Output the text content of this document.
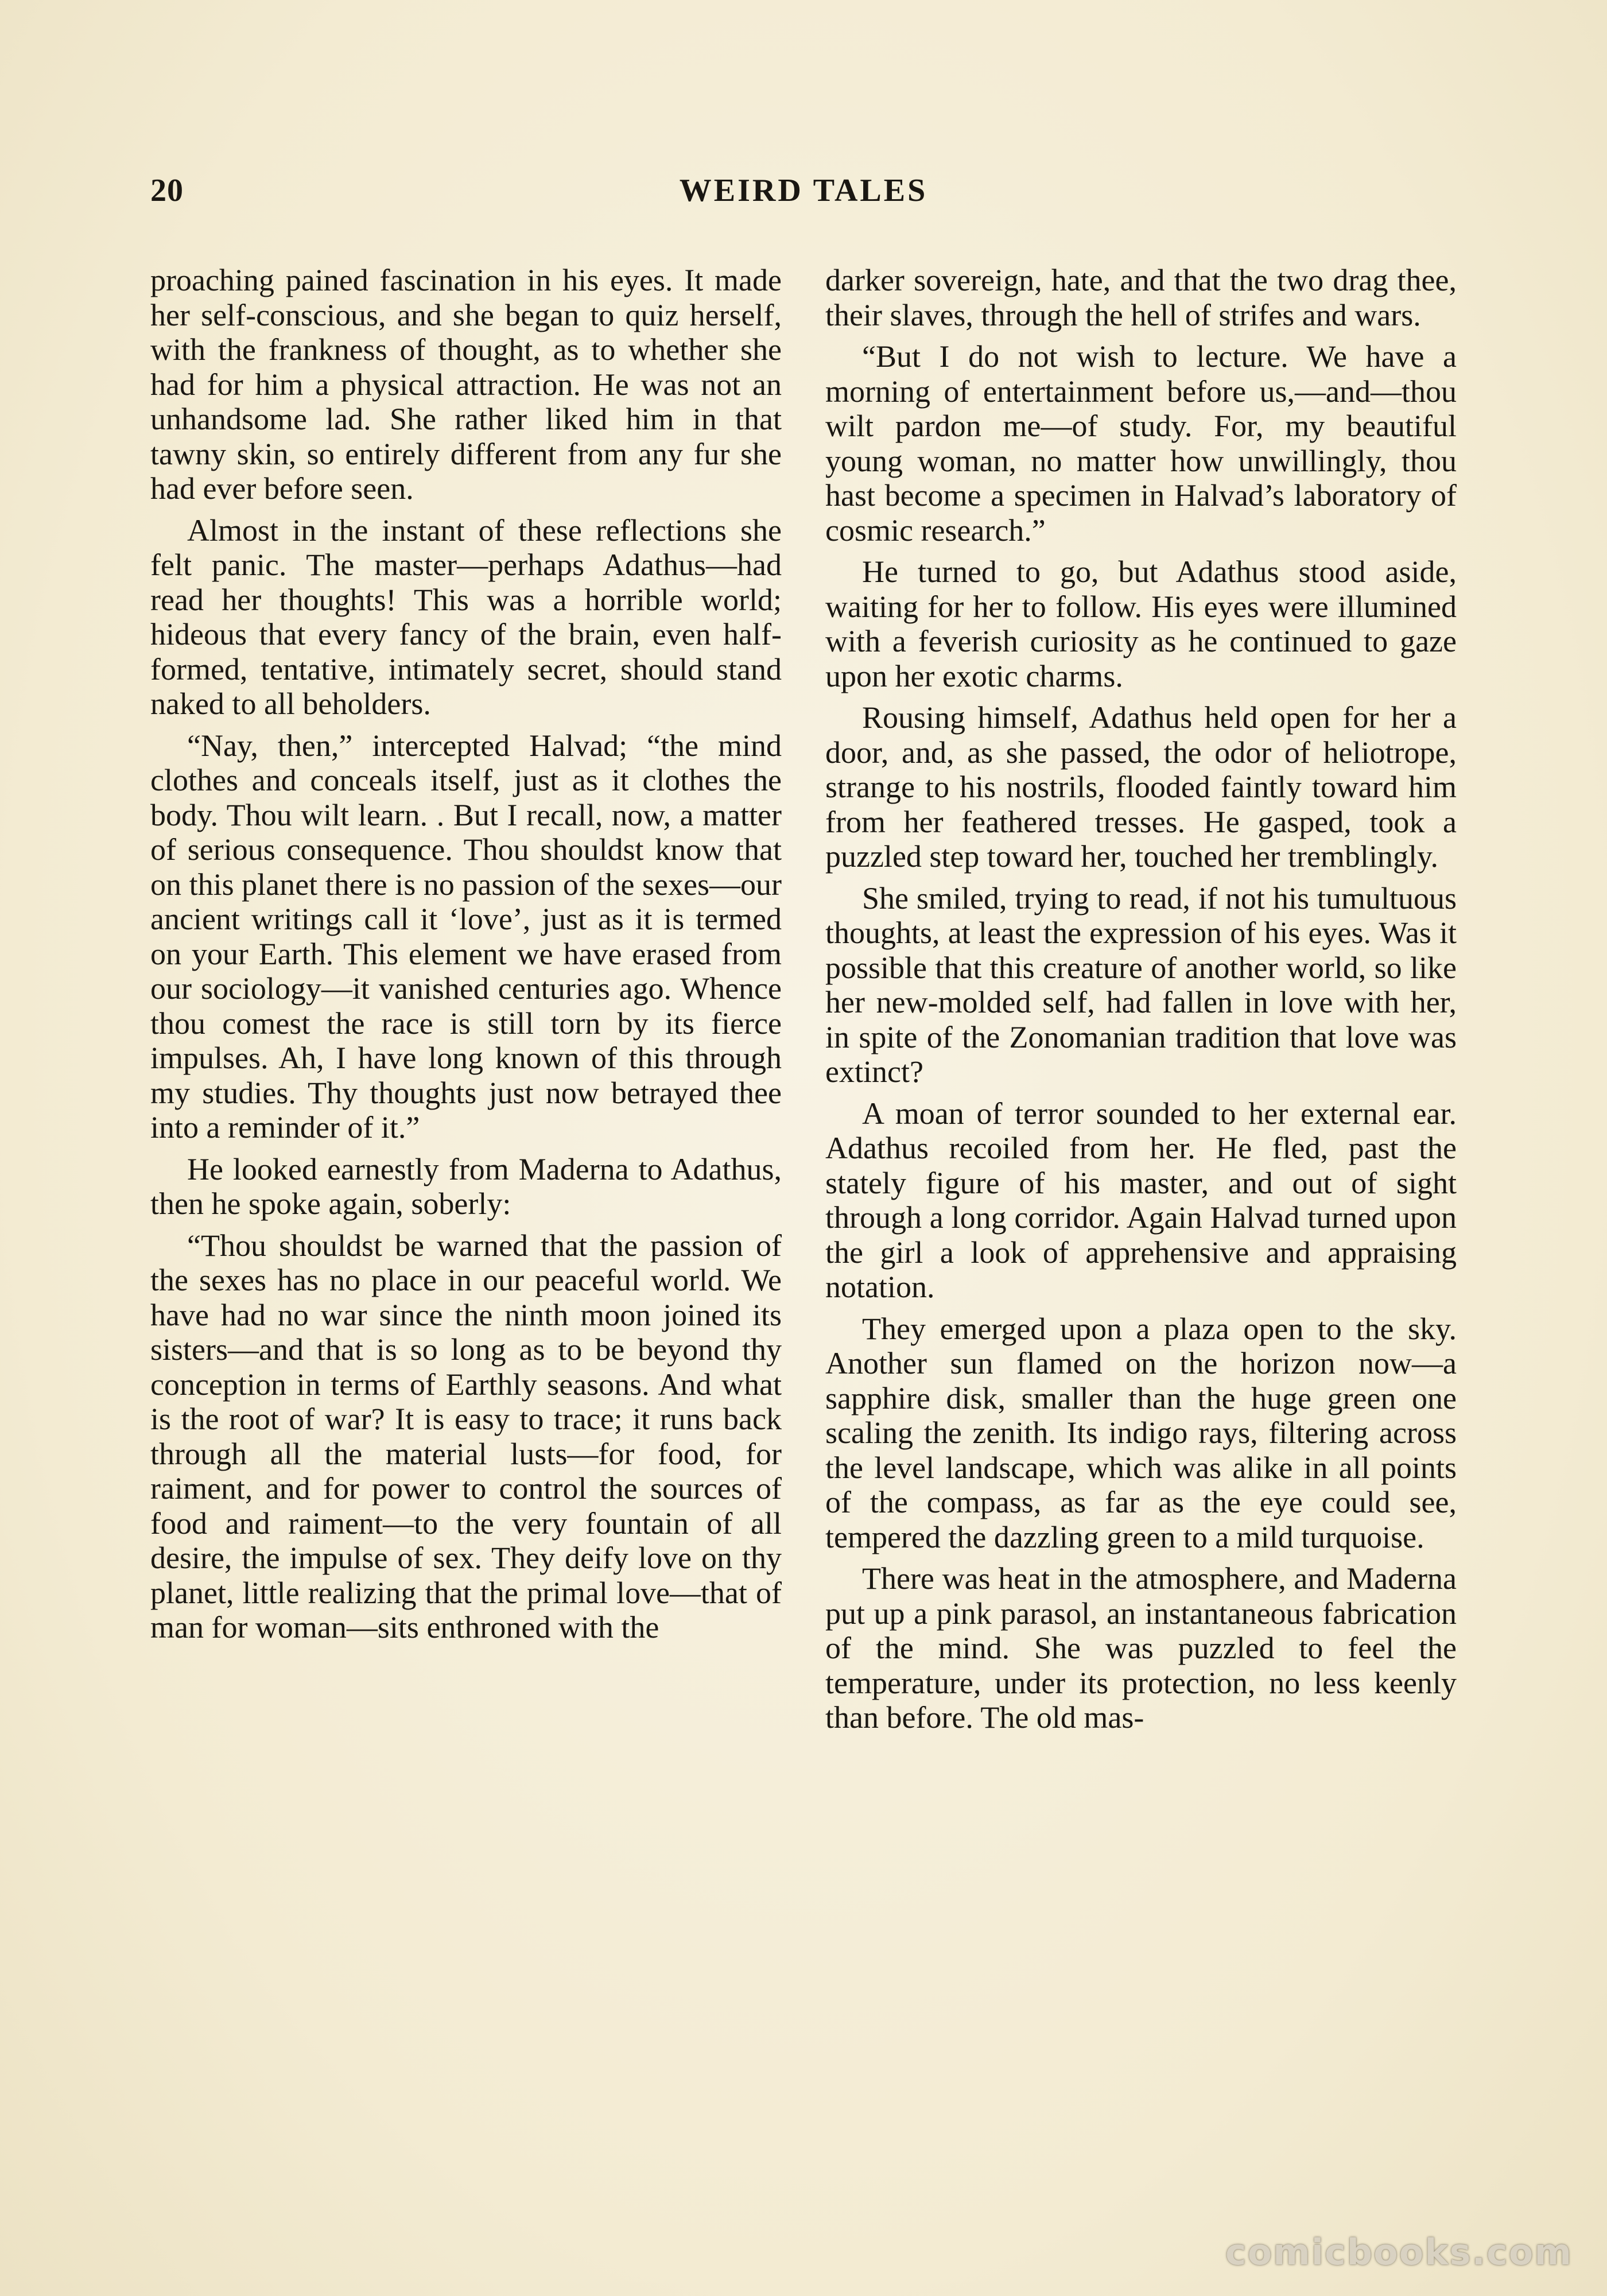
20	WEIRD TALES

proaching pained fascination in his eyes. It made her self-conscious, and she began to quiz herself, with the frankness of thought, as to whether she had for him a physical attraction. He was not an unhandsome lad. She rather liked him in that tawny skin, so entirely different from any fur she had ever before seen.

Almost in the instant of these reflections she felt panic. The master—perhaps Adathus—had read her thoughts! This was a horrible world; hideous that every fancy of the brain, even half-formed, tentative, intimately secret, should stand naked to all beholders.

“Nay, then,” intercepted Halvad; “the mind clothes and conceals itself, just as it clothes the body. Thou wilt learn. . But I recall, now, a matter of serious consequence. Thou shouldst know that on this planet there is no passion of the sexes—our ancient writings call it ‘love’, just as it is termed on your Earth. This element we have erased from our sociology—it vanished centuries ago. Whence thou comest the race is still torn by its fierce impulses. Ah, I have long known of this through my studies. Thy thoughts just now betrayed thee into a reminder of it.”

He looked earnestly from Maderna to Adathus, then he spoke again, soberly:

“Thou shouldst be warned that the passion of the sexes has no place in our peaceful world. We have had no war since the ninth moon joined its sisters—and that is so long as to be beyond thy conception in terms of Earthly seasons. And what is the root of war? It is easy to trace; it runs back through all the material lusts—for food, for raiment, and for power to control the sources of food and raiment—to the very fountain of all desire, the impulse of sex. They deify love on thy planet, little realizing that the primal love—that of man for woman—sits enthroned with the

darker sovereign, hate, and that the two drag thee, their slaves, through the hell of strifes and wars.

“But I do not wish to lecture. We have a morning of entertainment before us,—and—thou wilt pardon me—of study. For, my beautiful young woman, no matter how unwillingly, thou hast become a specimen in Halvad’s laboratory of cosmic research.”

He turned to go, but Adathus stood aside, waiting for her to follow. His eyes were illumined with a feverish curiosity as he continued to gaze upon her exotic charms.

Rousing himself, Adathus held open for her a door, and, as she passed, the odor of heliotrope, strange to his nostrils, flooded faintly toward him from her feathered tresses. He gasped, took a puzzled step toward her, touched her tremblingly.

She smiled, trying to read, if not his tumultuous thoughts, at least the expression of his eyes. Was it possible that this creature of another world, so like her new-molded self, had fallen in love with her, in spite of the Zonomanian tradition that love was extinct?

A moan of terror sounded to her external ear. Adathus recoiled from her. He fled, past the stately figure of his master, and out of sight through a long corridor. Again Halvad turned upon the girl a look of apprehensive and appraising notation.

They emerged upon a plaza open to the sky. Another sun flamed on the horizon now—a sapphire disk, smaller than the huge green one scaling the zenith. Its indigo rays, filtering across the level landscape, which was alike in all points of the compass, as far as the eye could see, tempered the dazzling green to a mild turquoise.

There was heat in the atmosphere, and Maderna put up a pink parasol, an instantaneous fabrication of the mind. She was puzzled to feel the temperature, under its protection, no less keenly than before. The old mas-

comicbooks.com
